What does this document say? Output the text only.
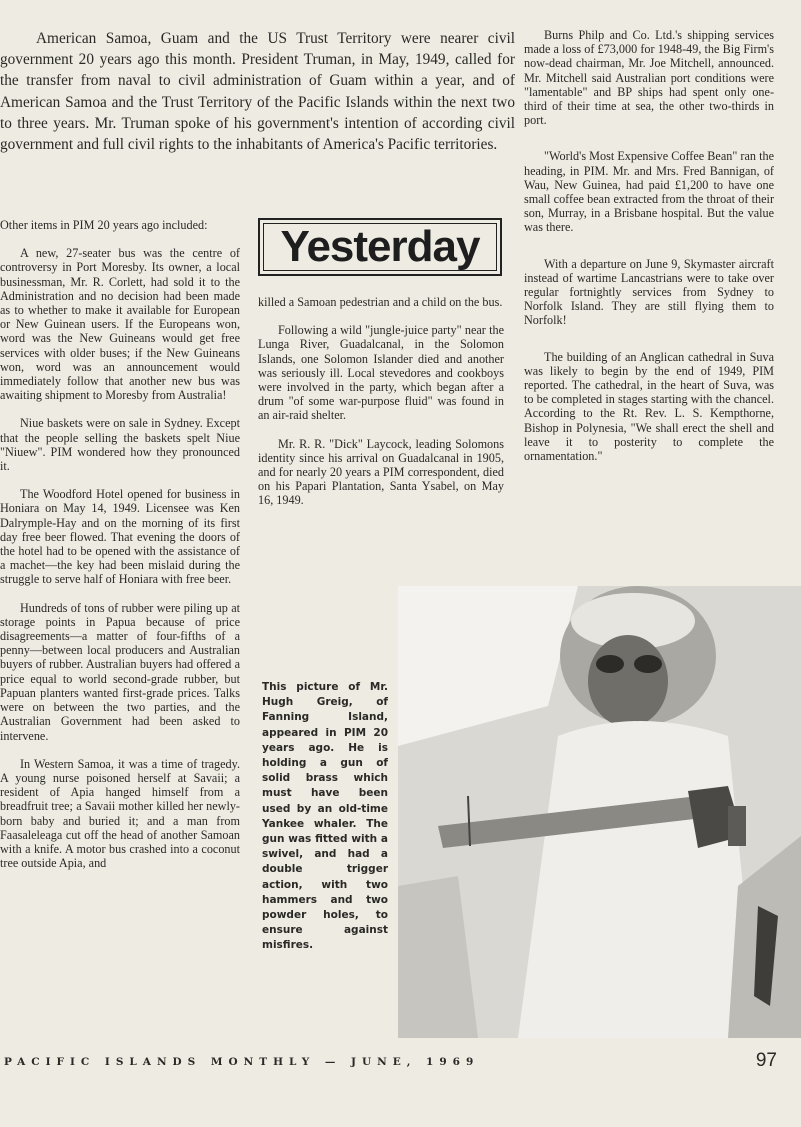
American Samoa, Guam and the US Trust Territory were nearer civil government 20 years ago this month. President Truman, in May, 1949, called for the transfer from naval to civil administration of Guam within a year, and of American Samoa and the Trust Territory of the Pacific Islands within the next two to three years. Mr. Truman spoke of his government's intention of according civil government and full civil rights to the inhabitants of America's Pacific territories.

Yesterday

Other items in PIM 20 years ago included:

A new, 27-seater bus was the centre of controversy in Port Moresby. Its owner, a local businessman, Mr. R. Corlett, had sold it to the Administration and no decision had been made as to whether to make it available for European or New Guinean users. If the Europeans won, word was the New Guineans would get free services with older buses; if the New Guineans won, word was an announcement would immediately follow that another new bus was awaiting shipment to Moresby from Australia!

Niue baskets were on sale in Sydney. Except that the people selling the baskets spelt Niue "Niuew". PIM wondered how they pronounced it.

The Woodford Hotel opened for business in Honiara on May 14, 1949. Licensee was Ken Dalrymple-Hay and on the morning of its first day free beer flowed. That evening the doors of the hotel had to be opened with the assistance of a machet—the key had been mislaid during the struggle to serve half of Honiara with free beer.

Hundreds of tons of rubber were piling up at storage points in Papua because of price disagreements—a matter of four-fifths of a penny—between local producers and Australian buyers of rubber. Australian buyers had offered a price equal to world second-grade rubber, but Papuan planters wanted first-grade prices. Talks were on between the two parties, and the Australian Government had been asked to intervene.

In Western Samoa, it was a time of tragedy. A young nurse poisoned herself at Savaii; a resident of Apia hanged himself from a breadfruit tree; a Savaii mother killed her newly-born baby and buried it; and a man from Faasaleleaga cut off the head of another Samoan with a knife. A motor bus crashed into a coconut tree outside Apia, and

killed a Samoan pedestrian and a child on the bus.

Following a wild "jungle-juice party" near the Lunga River, Guadalcanal, in the Solomon Islands, one Solomon Islander died and another was seriously ill. Local stevedores and cookboys were involved in the party, which began after a drum "of some war-purpose fluid" was found in an air-raid shelter.

Mr. R. R. "Dick" Laycock, leading Solomons identity since his arrival on Guadalcanal in 1905, and for nearly 20 years a PIM correspondent, died on his Papari Plantation, Santa Ysabel, on May 16, 1949.

Burns Philp and Co. Ltd.'s shipping services made a loss of £73,000 for 1948-49, the Big Firm's now-dead chairman, Mr. Joe Mitchell, announced. Mr. Mitchell said Australian port conditions were "lamentable" and BP ships had spent only one-third of their time at sea, the other two-thirds in port.

"World's Most Expensive Coffee Bean" ran the heading, in PIM. Mr. and Mrs. Fred Bannigan, of Wau, New Guinea, had paid £1,200 to have one small coffee bean extracted from the throat of their son, Murray, in a Brisbane hospital. But the value was there.

With a departure on June 9, Skymaster aircraft instead of wartime Lancastrians were to take over regular fortnightly services from Sydney to Norfolk Island. They are still flying them to Norfolk!

The building of an Anglican cathedral in Suva was likely to begin by the end of 1949, PIM reported. The cathedral, in the heart of Suva, was to be completed in stages starting with the chancel. According to the Rt. Rev. L. S. Kempthorne, Bishop in Polynesia, "We shall erect the shell and leave it to posterity to complete the ornamentation."

This picture of Mr. Hugh Greig, of Fanning Island, appeared in PIM 20 years ago. He is holding a gun of solid brass which must have been used by an old-time Yankee whaler. The gun was fitted with a swivel, and had a double trigger action, with two hammers and two powder holes, to ensure against misfires.

PACIFIC ISLANDS MONTHLY — JUNE, 1969	97
